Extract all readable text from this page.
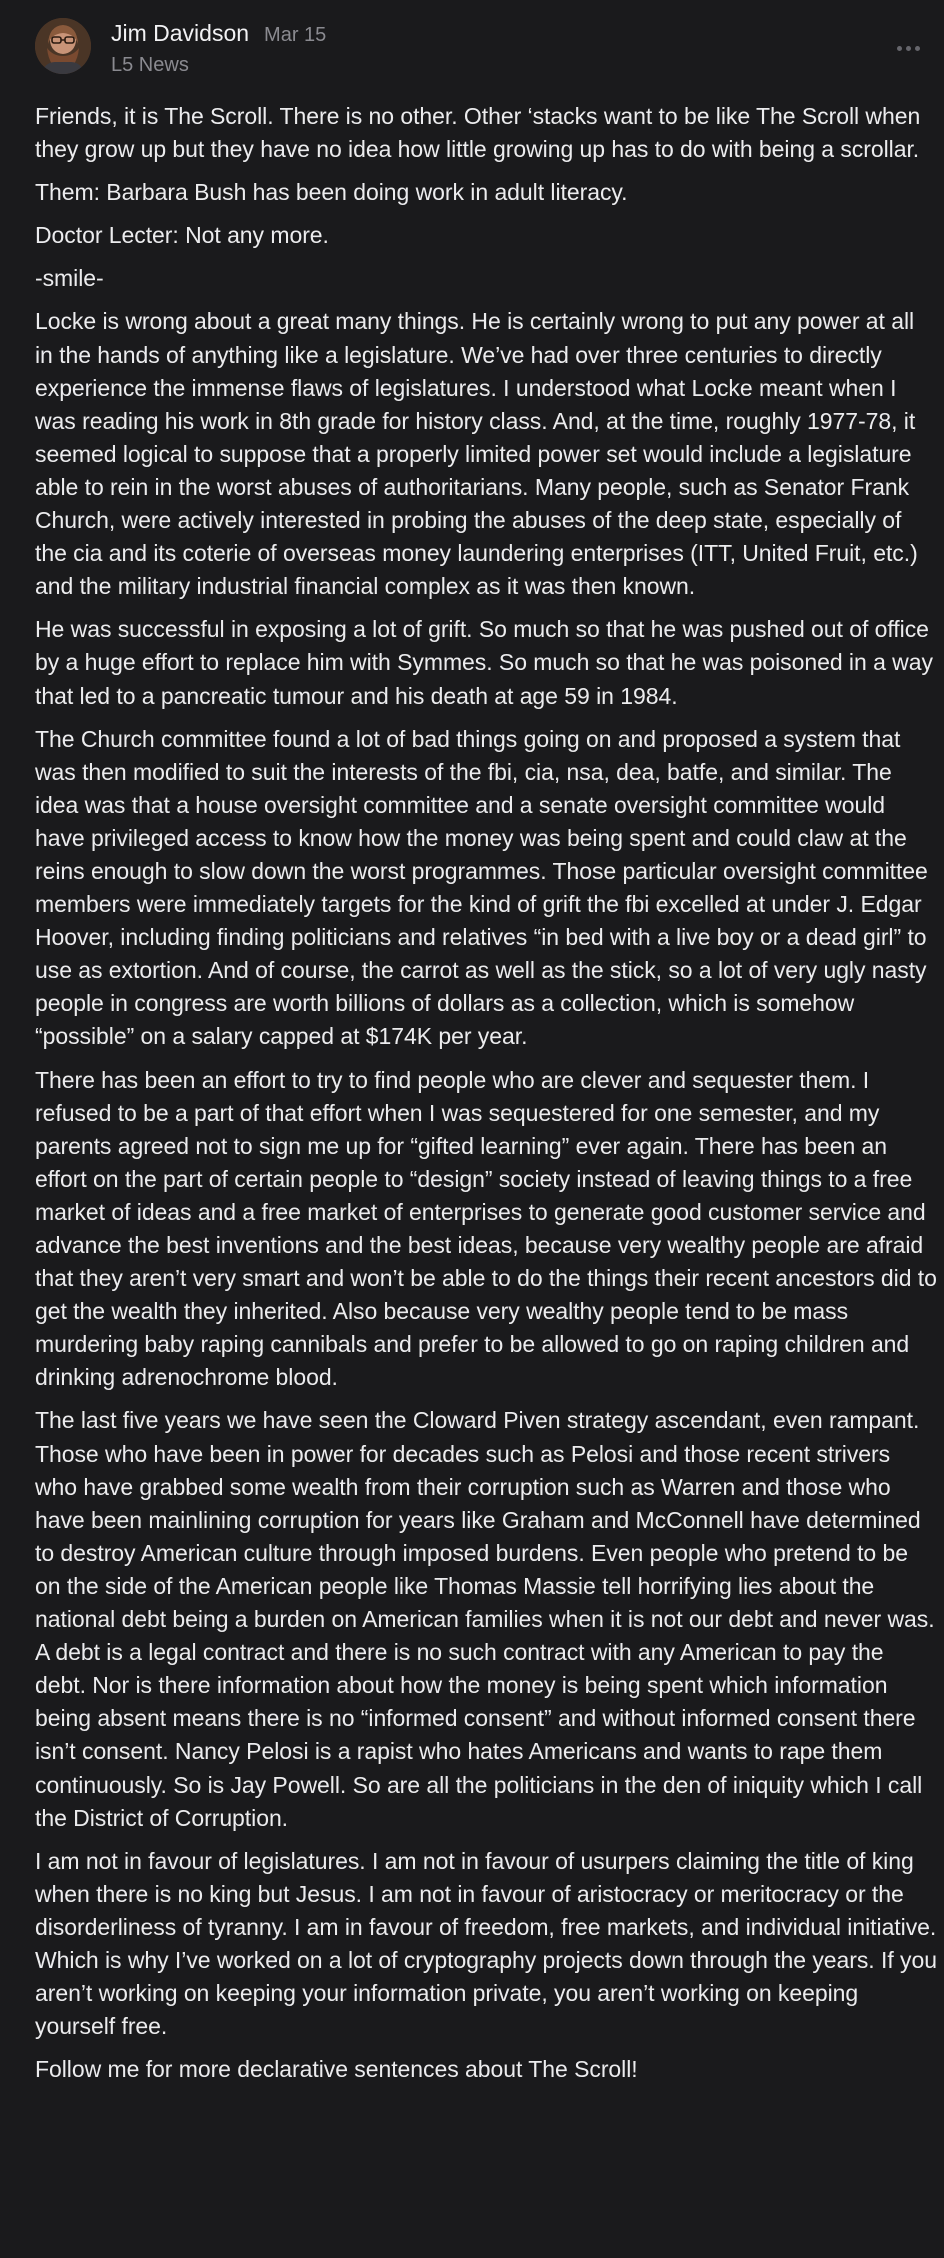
Jim Davidson Mar 15
L5 News

Friends, it is The Scroll. There is no other. Other ‘stacks want to be like The Scroll when they grow up but they have no idea how little growing up has to do with being a scrollar.

Them: Barbara Bush has been doing work in adult literacy.

Doctor Lecter: Not any more.

-smile-

Locke is wrong about a great many things. He is certainly wrong to put any power at all in the hands of anything like a legislature. We’ve had over three centuries to directly experience the immense flaws of legislatures. I understood what Locke meant when I was reading his work in 8th grade for history class. And, at the time, roughly 1977-78, it seemed logical to suppose that a properly limited power set would include a legislature able to rein in the worst abuses of authoritarians. Many people, such as Senator Frank Church, were actively interested in probing the abuses of the deep state, especially of the cia and its coterie of overseas money laundering enterprises (ITT, United Fruit, etc.) and the military industrial financial complex as it was then known.

He was successful in exposing a lot of grift. So much so that he was pushed out of office by a huge effort to replace him with Symmes. So much so that he was poisoned in a way that led to a pancreatic tumour and his death at age 59 in 1984.

The Church committee found a lot of bad things going on and proposed a system that was then modified to suit the interests of the fbi, cia, nsa, dea, batfe, and similar. The idea was that a house oversight committee and a senate oversight committee would have privileged access to know how the money was being spent and could claw at the reins enough to slow down the worst programmes. Those particular oversight committee members were immediately targets for the kind of grift the fbi excelled at under J. Edgar Hoover, including finding politicians and relatives “in bed with a live boy or a dead girl” to use as extortion. And of course, the carrot as well as the stick, so a lot of very ugly nasty people in congress are worth billions of dollars as a collection, which is somehow “possible” on a salary capped at $174K per year.

There has been an effort to try to find people who are clever and sequester them. I refused to be a part of that effort when I was sequestered for one semester, and my parents agreed not to sign me up for “gifted learning” ever again. There has been an effort on the part of certain people to “design” society instead of leaving things to a free market of ideas and a free market of enterprises to generate good customer service and advance the best inventions and the best ideas, because very wealthy people are afraid that they aren’t very smart and won’t be able to do the things their recent ancestors did to get the wealth they inherited. Also because very wealthy people tend to be mass murdering baby raping cannibals and prefer to be allowed to go on raping children and drinking adrenochrome blood.

The last five years we have seen the Cloward Piven strategy ascendant, even rampant. Those who have been in power for decades such as Pelosi and those recent strivers who have grabbed some wealth from their corruption such as Warren and those who have been mainlining corruption for years like Graham and McConnell have determined to destroy American culture through imposed burdens. Even people who pretend to be on the side of the American people like Thomas Massie tell horrifying lies about the national debt being a burden on American families when it is not our debt and never was. A debt is a legal contract and there is no such contract with any American to pay the debt. Nor is there information about how the money is being spent which information being absent means there is no “informed consent” and without informed consent there isn’t consent. Nancy Pelosi is a rapist who hates Americans and wants to rape them continuously. So is Jay Powell. So are all the politicians in the den of iniquity which I call the District of Corruption.

I am not in favour of legislatures. I am not in favour of usurpers claiming the title of king when there is no king but Jesus. I am not in favour of aristocracy or meritocracy or the disorderliness of tyranny. I am in favour of freedom, free markets, and individual initiative. Which is why I’ve worked on a lot of cryptography projects down through the years. If you aren’t working on keeping your information private, you aren’t working on keeping yourself free.

Follow me for more declarative sentences about The Scroll!
